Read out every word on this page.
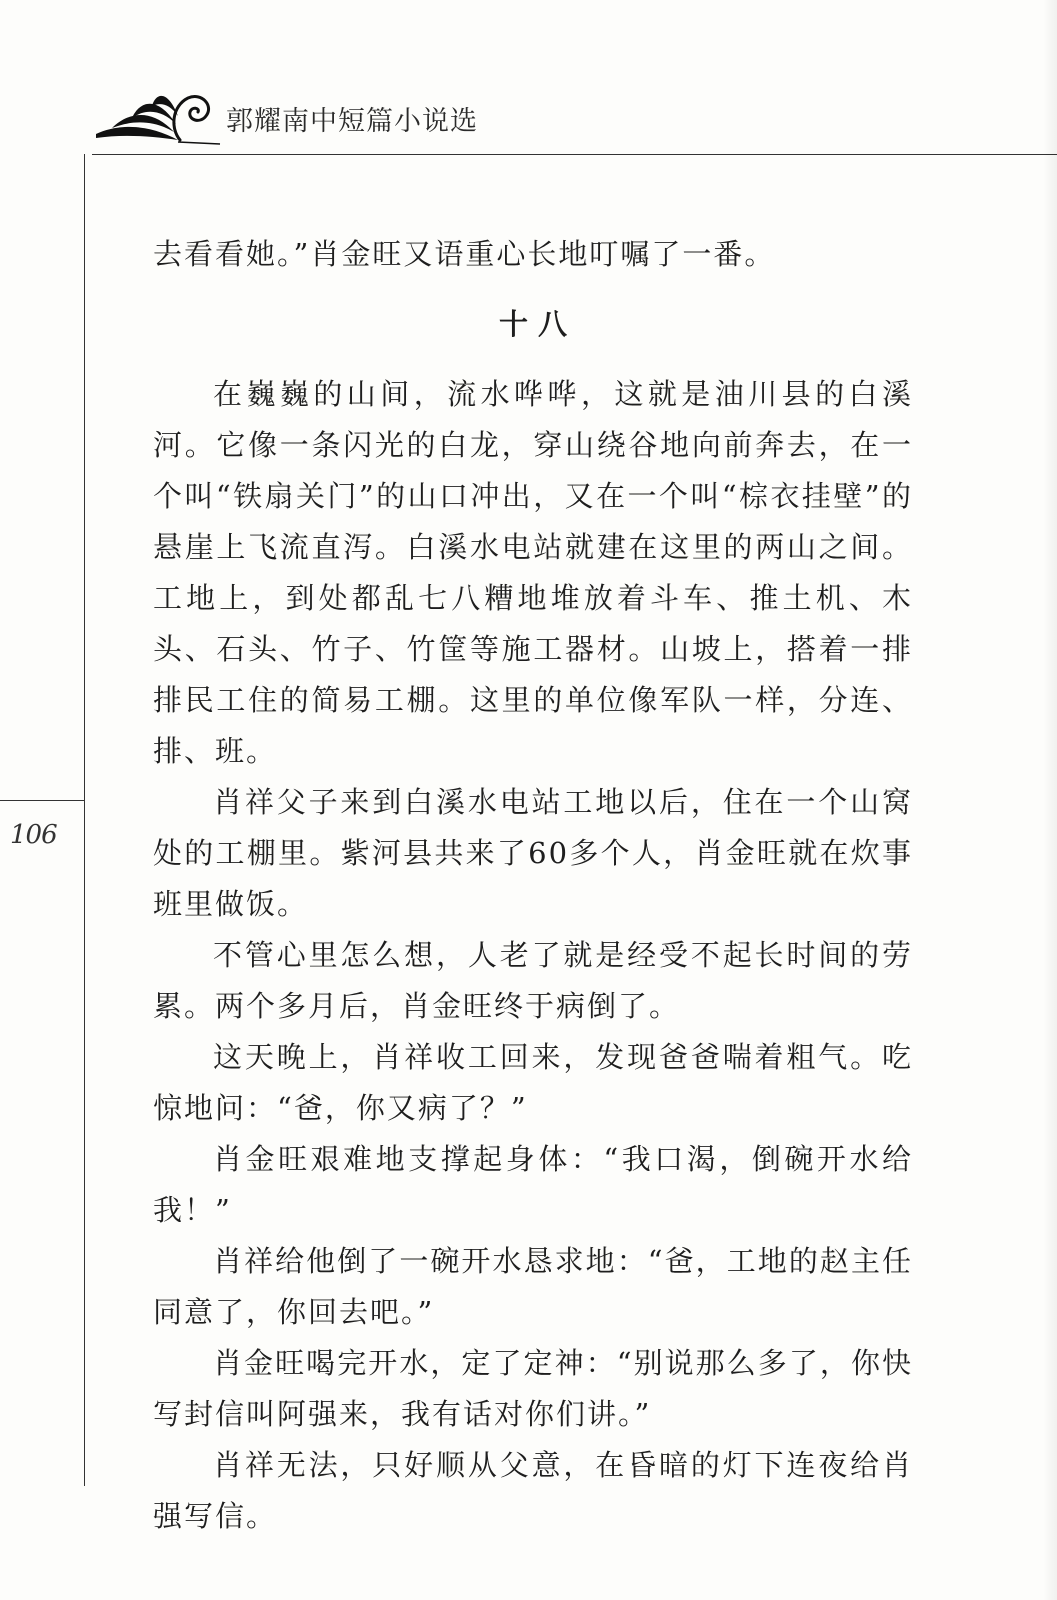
郭耀南中短篇小说选
106

去看看她。”肖金旺又语重心长地叮嘱了一番。

十八

在巍巍的山间，流水哗哗，这就是油川县的白溪河。它像一条闪光的白龙，穿山绕谷地向前奔去，在一个叫“铁扇关门”的山口冲出，又在一个叫“棕衣挂壁”的悬崖上飞流直泻。白溪水电站就建在这里的两山之间。工地上，到处都乱七八糟地堆放着斗车、推土机、木头、石头、竹子、竹筐等施工器材。山坡上，搭着一排排民工住的简易工棚。这里的单位像军队一样，分连、排、班。

肖祥父子来到白溪水电站工地以后，住在一个山窝处的工棚里。紫河县共来了60多个人，肖金旺就在炊事班里做饭。

不管心里怎么想，人老了就是经受不起长时间的劳累。两个多月后，肖金旺终于病倒了。

这天晚上，肖祥收工回来，发现爸爸喘着粗气。吃惊地问：“爸，你又病了？”

肖金旺艰难地支撑起身体：“我口渴，倒碗开水给我！”

肖祥给他倒了一碗开水恳求地：“爸，工地的赵主任同意了，你回去吧。”

肖金旺喝完开水，定了定神：“别说那么多了，你快写封信叫阿强来，我有话对你们讲。”

肖祥无法，只好顺从父意，在昏暗的灯下连夜给肖强写信。
